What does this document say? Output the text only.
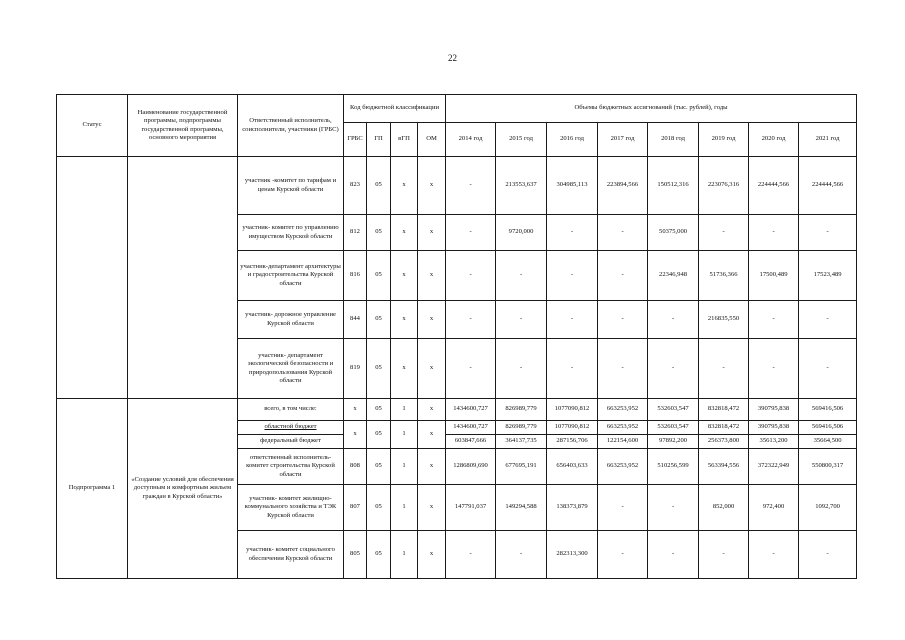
22
Статус	Наименование государственной программы, подпрограммы государственной программы, основного мероприятия	Ответственный исполнитель, соисполнители, участники (ГРБС)	Код бюджетной классификации				Объемы бюджетных ассигнований (тыс. рублей), годы							
			ГРБС	ГП	вГП	ОМ	2014 год	2015 год	2016 год	2017 год	2018 год	2019 год	2020 год	2021 год
		участник -комитет по тарифам и ценам Курской области	823	05	х	х	-	213553,637	304985,113	223894,566	150512,316	223076,316	224444,566	224444,566
		участник- комитет по управлению имуществом Курской области	812	05	х	х	-	9720,000	-	-	50375,000	-	-	-
		участник-департамент архитектуры и градостроительства Курской области	816	05	х	х	-	-	-	-	22346,948	51736,366	17500,489	17523,489
		участник- дорожное управление Курской области	844	05	х	х	-	-	-	-	-	216835,550	-	-
		участник- департамент экологической безопасности и природопользования Курской области	819	05	х	х	-	-	-	-	-	-	-	-
Подпрограмма 1	«Создание условий для обеспечения доступным и комфортным жильем граждан в Курской области»	всего, в том числе:	х	05	1	х	1434600,727	826989,779	1077090,812	663253,952	532603,547	832818,472	390795,838	569416,506
		областной бюджет	х	05	1	х	1434600,727	826989,779	1077090,812	663253,952	532603,547	832818,472	390795,838	569416,506
		федеральный бюджет					603847,666	364137,735	287156,706	122154,600	97892,200	256373,800	35613,200	35664,500
		ответственный исполнитель-комитет строительства Курской области	808	05	1	х	1286809,690	677695,191	656403,633	663253,952	510256,599	563394,556	372322,949	550800,317
		участник- комитет жилищно-коммунального хозяйства и ТЭК Курской области	807	05	1	х	147791,037	149294,588	138373,879	-	-	852,000	972,400	1092,700
		участник- комитет социального обеспечения Курской области	805	05	1	х	-	-	282313,300	-	-	-	-	-
